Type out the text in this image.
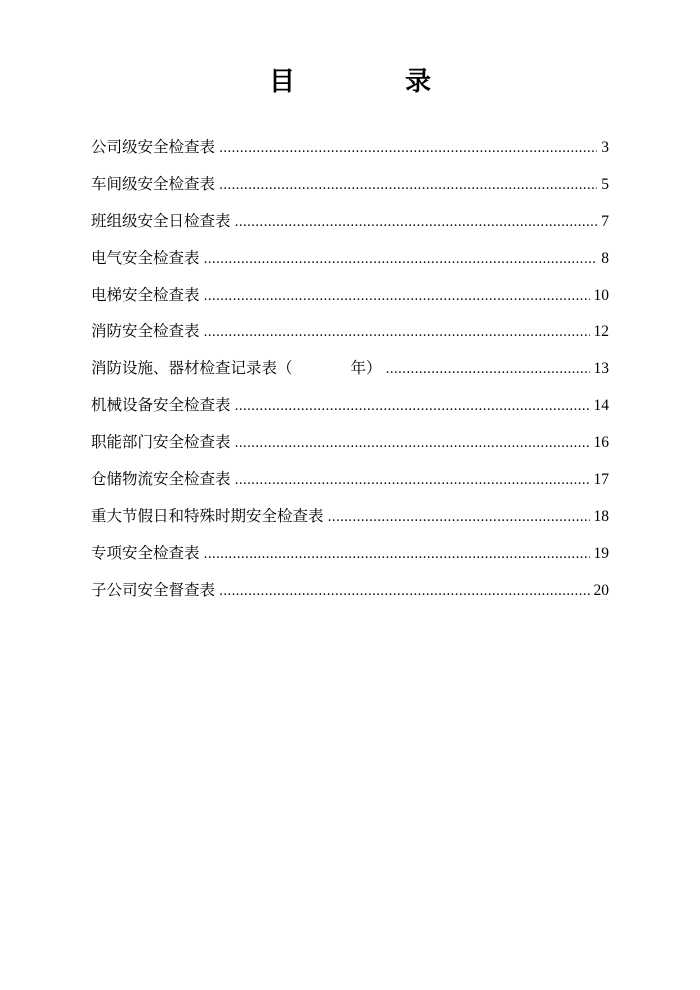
目　录
公司级安全检查表 .....	3
车间级安全检查表 .....	5
班组级安全日检查表 .....	7
电气安全检查表 .....	8
电梯安全检查表 .....	10
消防安全检查表 .....	12
消防设施、器材检查记录表（	年） .....	13
机械设备安全检查表 .....	14
职能部门安全检查表 .....	16
仓储物流安全检查表 .....	17
重大节假日和特殊时期安全检查表 .....	18
专项安全检查表 .....	19
子公司安全督查表 .....	20
